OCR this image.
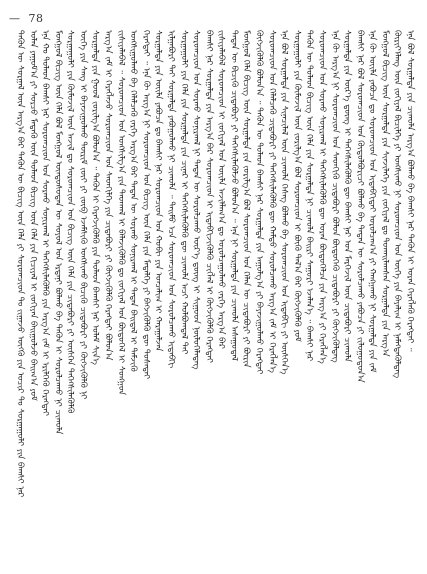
— 78
ᠲᠡᠭᠦᠨ ᠦ ᠰᠤᠷᠭᠠᠯ ᠦᠨ ᠠᠷᠭ᠎ᠠ ᠪᠠᠷ ᠲᠡᠭᠦᠨ ᠦ ᠪᠢᠴᠢᠭ ᠦᠨ ᠬᠡᠯᠡ ᠶᠢ ᠰᠤᠷᠤᠭᠴᠢᠳ ᠲᠤ ᠵᠢᠭᠠᠵᠤ ᠦᠭᠬᠦ ᠶᠢᠨ ᠤᠴᠢᠷ ᠲᠤ ᠰᠤᠷᠭᠠᠭᠤᠯᠢ ᠶᠢᠨ ᠪᠠᠭᠰᠢ ᠨᠠᠷ ᠣᠯᠠᠨ ᠶᠠᠭᠤᠮ᠎ᠠ ᠶᠢ ᠰᠤᠷᠴᠤ ᠮᠡᠳᠡᠬᠦ ᠦᠨ ᠲᠤᠯᠠᠳ ᠪᠢᠴᠢᠭ ᠦᠨ ᠬᠡᠯᠡ ᠶᠢᠨ ᠬᠢᠴᠢᠶᠡᠯ ᠢ ᠵᠤᠬᠢᠶᠠᠨ ᠪᠠᠢᠭᠤᠯᠵᠤ ᠪᠠᠢᠭ᠎ᠠ ᠶᠤᠮ ᠡᠨᠡ ᠬᠤ ᠲᠤᠯᠠᠳ ᠪᠠᠭᠰᠢ ᠨᠠᠷ ᠰᠤᠷᠤᠭᠴᠢᠳ ᠤᠨ ᠰᠤᠷᠬᠤ ᠰᠤᠨᠢᠷᠬᠠᠯ ᠢ ᠳᠡᠭᠡᠭᠰᠢᠯᠡᠭᠦᠯᠬᠦ ᠶᠢᠨ ᠠᠷᠭ᠎ᠠ ᠵᠠᠮ ᠢ ᠡᠷᠢᠯᠬᠡᠬᠦ ᠬᠡᠷᠡᠭᠲᠡᠢ ᠮᠣᠩᠭᠣᠯ ᠪᠢᠴᠢᠭ ᠦᠨ ᠬᠡᠯᠡ ᠪᠣᠯ ᠮᠣᠩᠭᠣᠯ ᠦᠨᠳᠦᠰᠦᠲᠡᠨ ᠦ ᠰᠣᠶᠣᠯ ᠤᠨ ᠡᠷᠳᠡᠨᠢ ᠪᠣᠯᠬᠤ ᠪᠠ ᠲᠡᠭᠦᠨ ᠢ ᠰᠤᠷᠤᠯᠴᠠᠬᠤ ᠨᠢ ᠴᠢᠬᠤᠯᠠ ᠰᠤᠷᠭᠠᠭᠤᠯᠢ ᠶᠢᠨ ᠬᠦᠮᠦᠵᠢᠯ ᠦᠨ ᠠᠵᠢᠯ ᠳᠤ ᠰᠤᠷᠤᠭᠴᠢᠳ ᠤᠨ ᠪᠢᠴᠢᠭ ᠦᠨ ᠬᠡᠯᠡ ᠶᠢᠨ ᠴᠢᠳᠠᠪᠤᠷᠢ ᠶᠢ ᠥᠰᠬᠡᠨ ᠳᠡᠭᠡᠭᠰᠢᠯᠡᠭᠦᠯᠬᠦ ᠦᠭᠡ ᠶᠢᠨ ᠰᠠᠩ ᠢ ᠪᠠᠶᠠᠵᠢᠭᠤᠯᠬᠤ ᠳᠦᠷᠢᠮ ᠵᠦᠢ ᠶᠢ ᠵᠥᠪ ᠡᠵᠡᠮᠰᠢᠬᠦ ᠤᠩᠰᠢᠬᠤ ᠪᠢᠴᠢᠬᠦ ᠴᠢᠳᠠᠪᠤᠷᠢ ᠶᠢ ᠬᠥᠭᠵᠢᠭᠦᠯᠬᠦ ᠨᠢ ᠰᠤᠷᠭᠠᠯᠲᠠ ᠶᠢᠨ ᠭᠣᠣᠯ ᠵᠣᠷᠢᠯᠭ᠎ᠠ ᠪᠣᠯᠤᠨ᠎ᠠ ᠃ ᠲᠡᠭᠦᠨ ᠢ ᠬᠡᠷᠡᠭᠵᠢᠭᠦᠯᠬᠦ ᠶᠢᠨ ᠲᠤᠯᠠᠳ ᠪᠠᠭᠰᠢ ᠨᠠᠷ ᠤᠯᠠᠮ ᠰᠢᠨ᠎ᠡ ᠠᠷᠭ᠎ᠠ ᠵᠠᠮ ᠢ ᠬᠡᠷᠡᠭᠯᠡᠵᠦ ᠰᠤᠷᠤᠭᠴᠢᠳ ᠤᠨ ᠰᠡᠳᠬᠢᠯᠬᠡ ᠶᠢᠨ ᠴᠢᠳᠠᠪᠤᠷᠢ ᠶᠢ ᠬᠥᠭᠵᠢᠭᠦᠯᠬᠦ ᠬᠡᠷᠡᠭᠲᠡᠢ ᠪᠣᠯᠤᠨ᠎ᠠ ᠵᠢᠱᠢᠶᠡᠯᠡᠪᠡᠯ ᠃ ᠰᠤᠷᠤᠭᠴᠢᠳ ᠤᠨ ᠤᠩᠰᠢᠯᠭ᠎ᠠ ᠶᠢᠨ ᠳᠠᠳᠬᠠᠯ ᠢ ᠪᠡᠯᠡᠵᠢᠭᠦᠯᠬᠦ ᠳᠤ ᠵᠣᠬᠢᠶᠠᠯ ᠤᠨ ᠪᠦᠲᠦᠭᠡᠯ ᠢ ᠰᠣᠩᠭᠣᠨ ᠤᠩᠰᠢᠭᠤᠯᠬᠤ ᠪᠠ ᠬᠡᠯᠡᠯᠴᠡᠬᠦ ᠵᠡᠷᠭᠡ ᠠᠷᠭ᠎ᠠ ᠪᠠᠷ ᠲᠡᠳᠡᠨ ᠦ ᠰᠤᠷᠬᠤ ᠰᠤᠨᠢᠷᠬᠠᠯ ᠢ ᠲᠠᠲᠠᠨ ᠪᠠᠢᠳᠠᠯ ᠢ ᠳᠡᠮᠵᠢᠬᠦ ᠬᠡᠷᠡᠭᠲᠡᠢ ᠃ ᠡᠨᠡ ᠬᠦ ᠠᠷᠭ᠎ᠠ ᠨᠢ ᠰᠤᠷᠤᠭᠴᠢᠳ ᠤᠨ ᠪᠢᠴᠢᠭ ᠦᠨ ᠬᠡᠯᠡ ᠶᠢᠨ ᠮᠡᠳᠡᠯᠭᠡ ᠶᠢ ᠪᠡᠬᠵᠢᠭᠦᠯᠬᠦ ᠳᠦ ᠲᠤᠰᠠᠲᠠᠢ ᠰᠤᠷᠭᠠᠯᠲᠠ ᠶᠢᠨ ᠦᠢᠯᠡ ᠶᠠᠪᠤᠴᠠ ᠳᠤ ᠪᠠᠭᠰᠢ ᠨᠠᠷ ᠰᠤᠷᠤᠭᠴᠢᠳ ᠤᠨ ᠬᠤᠪᠢ ᠶᠢᠨ ᠣᠨᠴᠠᠯᠢᠭ ᠢ ᠬᠠᠷᠠᠭᠠᠯᠵᠠᠨ ᠢᠯᠭᠠᠪᠤᠷᠢ ᠲᠠᠢ ᠰᠤᠷᠭᠠᠯᠲᠠ ᠶᠠᠪᠤᠭᠤᠯᠬᠤ ᠨᠢ ᠴᠢᠬᠤᠯᠠ ᠃ ᠲᠡᠢᠮᠦ ᠡᠴᠡ ᠰᠤᠷᠤᠭᠴᠢᠳ ᠤᠨ ᠰᠤᠷᠤᠯᠴᠠᠬᠤ ᠢᠳᠡᠪᠬᠢ ᠰᠤᠷᠭᠠᠭᠤᠯᠢ ᠶᠢᠨ ᠬᠡᠯᠡ ᠶᠢᠨ ᠰᠤᠷᠭᠠᠯᠲᠠ ᠶᠢᠨ ᠴᠢᠨᠠᠷ ᠢ ᠳᠡᠭᠡᠭᠰᠢᠯᠡᠭᠦᠯᠬᠦ ᠳᠦ ᠴᠢᠬᠤᠯᠠ ᠠᠴᠢ ᠬᠤᠯᠪᠤᠭᠳᠠᠯ ᠲᠠᠢ ᠰᠤᠷᠤᠭᠴᠢᠳ ᠤᠨ ᠰᠤᠷᠬᠤ ᠰᠤᠨᠢᠷᠬᠠᠯ ᠨᠢ ᠲᠡᠳᠡᠨ ᠦ ᠰᠤᠷᠤᠯᠴᠠᠬᠤ ᠦᠷ᠎ᠡ ᠳ᠋ᠦᠩ ᠢ ᠰᠢᠭᠤᠳ ᠨᠥᠯᠥᠭᠡᠯᠡᠳᠡᠭ ᠪᠠᠭᠰᠢ ᠨᠠᠷ ᠰᠤᠷᠭᠠᠯᠲᠠ ᠶᠢᠨ ᠠᠷᠭ᠎ᠠ ᠪᠠᠷ ᠰᠤᠷᠤᠭᠴᠢᠳ ᠢ ᠢᠳᠡᠪᠬᠢᠵᠢᠭᠦᠯᠬᠦ ᠴᠢᠭᠯᠡᠯ ᠢ ᠬᠥᠭᠵᠢᠭᠦᠯᠬᠦ ᠬᠡᠷᠡᠭᠲᠡᠢ ᠵᠢᠱᠢᠶᠡᠯᠡᠪᠡᠯ ᠰᠤᠷᠤᠭᠴᠢᠳ ᠢ ᠵᠣᠬᠢᠶᠠᠯ ᠤᠨ ᠦᠢᠯᠡ ᠠᠵᠢᠯᠯᠠᠭ᠎ᠠ ᠳᠤ ᠣᠷᠣᠯᠴᠠᠭᠤᠯᠬᠤ ᠵᠡᠷᠭᠡ ᠠᠷᠭ᠎ᠠ ᠪᠠᠷ ᠲᠡᠳᠡᠨ ᠦ ᠪᠢᠴᠢᠬᠦ ᠴᠢᠳᠠᠪᠤᠷᠢ ᠶᠢ ᠳᠡᠭᠡᠭᠰᠢᠯᠡᠭᠦᠯᠵᠦ ᠪᠣᠯᠤᠨ᠎ᠠ ᠃ ᠡᠨᠡ ᠨᠢ ᠰᠤᠷᠭᠠᠯᠲᠠ ᠶᠢᠨ ᠴᠢᠬᠤᠯᠠ ᠠᠰᠠᠭᠤᠳᠠᠯ ᠮᠣᠩᠭᠣᠯ ᠬᠡᠯᠡ ᠪᠢᠴᠢᠭ ᠦᠨ ᠰᠤᠷᠭᠠᠯᠲᠠ ᠶᠢᠨ ᠵᠣᠷᠢᠯᠭ᠎ᠠ ᠪᠣᠯ ᠰᠤᠷᠤᠭᠴᠢᠳ ᠤᠨ ᠬᠡᠯᠡᠨ ᠦ ᠴᠢᠳᠠᠪᠤᠷᠢ ᠶᠢ ᠪᠦᠷᠢᠨ ᠬᠥᠭᠵᠢᠭᠦᠯᠬᠦ ᠪᠣᠯᠤᠨ᠎ᠠ ᠃ ᠲᠡᠭᠦᠨ ᠦ ᠲᠤᠯᠠᠳ ᠪᠠᠭᠰᠢ ᠨᠠᠷ ᠰᠤᠷᠭᠠᠯᠲᠠ ᠶᠢᠨ ᠠᠭᠤᠯᠭ᠎ᠠ ᠶᠢ ᠪᠠᠶᠠᠵᠢᠭᠤᠯᠬᠤ ᠬᠡᠷᠡᠭᠲᠡᠢ ᠰᠤᠷᠤᠭᠴᠢᠳ ᠤᠨ ᠬᠡᠯᠡᠯᠴᠡᠬᠦ ᠴᠢᠳᠠᠪᠤᠷᠢ ᠶᠢ ᠳᠡᠭᠡᠭᠰᠢᠯᠡᠭᠦᠯᠬᠦ ᠳᠦ ᠬᠠᠮᠲᠤ ᠰᠤᠷᠤᠯᠴᠠᠬᠤ ᠠᠷᠭ᠎ᠠ ᠵᠠᠮ ᠢ ᠬᠡᠷᠡᠭᠯᠡᠨ᠎ᠡ ᠡᠨᠡ ᠪᠣᠯ ᠰᠤᠷᠭᠠᠯᠲᠠ ᠶᠢᠨ ᠰᠢᠨᠡᠴᠢᠯᠡᠯ ᠦᠨ ᠴᠢᠬᠤᠯᠠ ᠬᠡᠰᠡᠭ ᠪᠣᠯᠬᠤ ᠪᠠ ᠰᠤᠷᠤᠭᠴᠢᠳ ᠤᠨ ᠢᠳᠡᠪᠬᠢ ᠶᠢ ᠥᠰᠬᠡᠨ᠎ᠡ ᠰᠤᠷᠭᠠᠭᠤᠯᠢ ᠶᠢᠨ ᠬᠦᠮᠦᠵᠢᠯ ᠦᠨ ᠵᠣᠷᠢᠯᠭ᠎ᠠ ᠪᠣᠯ ᠰᠤᠷᠤᠭᠴᠢᠳ ᠢ ᠪᠦᠬᠦ ᠲᠠᠯ᠎ᠠ ᠪᠠᠷ ᠬᠥᠭᠵᠢᠭᠦᠯᠬᠦ ᠶᠤᠮ ᠲᠡᠭᠦᠨ ᠦ ᠲᠤᠯᠠᠳ ᠪᠢᠴᠢᠭ ᠦᠨ ᠬᠡᠯᠡ ᠶᠢᠨ ᠰᠤᠷᠭᠠᠯᠲᠠ ᠨᠢ ᠴᠢᠬᠤᠯᠠ ᠪᠠᠢᠷᠢ ᠰᠠᠭᠤᠷᠢ ᠡᠵᠡᠯᠡᠨ᠎ᠡ ᠃ ᠪᠠᠭᠰᠢ ᠨᠠᠷ ᠰᠤᠷᠤᠭᠴᠢᠳ ᠤᠨ ᠰᠤᠷᠬᠤ ᠰᠤᠨᠢᠷᠬᠠᠯ ᠢ ᠳᠡᠭᠡᠭᠰᠢᠯᠡᠭᠦᠯᠬᠦ ᠳᠦ ᠤᠷᠠᠨ ᠪᠦᠲᠦᠭᠡᠯᠴᠡ ᠶᠢᠨ ᠠᠷᠭ᠎ᠠ ᠶᠢ ᠬᠡᠷᠡᠭᠯᠡᠨ᠎ᠡ ᠡᠨᠡ ᠬᠦ ᠠᠷᠭ᠎ᠠ ᠨᠢ ᠰᠤᠷᠤᠭᠴᠢᠳ ᠤᠨ ᠰᠡᠳᠬᠢᠬᠦ ᠴᠢᠳᠠᠪᠤᠷᠢ ᠪᠣᠯᠤᠨ ᠪᠦᠲᠦᠭᠡᠬᠦ ᠴᠢᠳᠠᠪᠤᠷᠢ ᠶᠢ ᠬᠥᠭᠵᠢᠭᠦᠯᠳᠡᠭ ᠰᠤᠷᠭᠠᠯᠲᠠ ᠶᠢᠨ ᠦᠷ᠎ᠡ ᠳ᠋ᠦᠩ ᠢ ᠳᠡᠭᠡᠭᠰᠢᠯᠡᠭᠦᠯᠬᠦ ᠳᠦ ᠪᠠᠭᠰᠢ ᠨᠠᠷ ᠤᠨ ᠮᠡᠷᠭᠡᠵᠢᠯ ᠦᠨ ᠴᠢᠳᠠᠪᠤᠷᠢ ᠴᠢᠬᠤᠯᠠ ᠪᠠᠭᠰᠢ ᠨᠠᠷ ᠪᠣᠯ ᠰᠤᠷᠤᠭᠴᠢᠳ ᠤᠨ ᠬᠥᠲᠥᠯᠪᠦᠷᠢᠴᠢ ᠪᠣᠯᠬᠤ ᠪᠠ ᠲᠡᠳᠡᠨ ᠦ ᠰᠤᠷᠤᠯᠴᠠᠬᠤ ᠶᠠᠪᠤᠴᠠ ᠶᠢ ᠵᠢᠯᠤᠭᠤᠳᠤᠨ᠎ᠠ ᠡᠨᠡ ᠬᠦ ᠦᠢᠯᠡ ᠶᠠᠪᠤᠴᠠ ᠳᠤ ᠰᠤᠷᠤᠭᠴᠢᠳ ᠤᠨ ᠢᠳᠡᠪᠬᠢᠲᠡᠢ ᠣᠷᠣᠯᠴᠠᠭ᠎ᠠ ᠶᠢ ᠬᠠᠩᠭᠠᠬᠤ ᠨᠢ ᠰᠤᠷᠭᠠᠯᠲᠠ ᠶᠢᠨ ᠵᠠᠮ ᠮᠣᠩᠭᠣᠯ ᠪᠢᠴᠢᠭ ᠦᠨ ᠰᠤᠷᠭᠠᠯᠲᠠ ᠶᠢᠨ ᠰᠢᠨᠵᠢᠯᠡᠭᠡ ᠶᠢᠨ ᠵᠣᠬᠢᠶᠠᠯ ᠳᠤ ᠲᠤᠬᠠᠢᠯᠠᠭᠰᠠᠨ ᠰᠤᠷᠭᠠᠯᠲᠠ ᠶᠢᠨ ᠠᠷᠭ᠎ᠠ ᠬᠦᠷᠢᠶ᠎ᠡᠯᠡᠩ ᠦᠨ ᠵᠣᠬᠢᠶᠠᠯ ᠪᠢᠴᠢᠯᠭᠡ ᠶᠢ ᠤᠩᠰᠢᠬᠤ ᠨᠢ ᠰᠤᠷᠤᠭᠴᠢᠳ ᠤᠨ ᠦᠭᠡ ᠶᠢᠨ ᠪᠠᠶᠠᠯᠢᠭ ᠢ ᠨᠡᠮᠡᠭᠳᠡᠭᠦᠯᠳᠡᠭ ᠡᠨᠡ ᠪᠣᠯ ᠰᠤᠷᠭᠠᠯᠲᠠ ᠶᠢᠨ ᠴᠢᠬᠤᠯᠠ ᠠᠷᠭ᠎ᠠ ᠪᠣᠯᠬᠤ ᠪᠠ ᠪᠠᠭᠰᠢ ᠨᠠᠷ ᠲᠡᠭᠦᠨ ᠢ ᠤᠷᠠᠨ ᠬᠡᠷᠡᠭᠯᠡᠬᠦ ᠬᠡᠷᠡᠭᠲᠡᠢ ᠃
